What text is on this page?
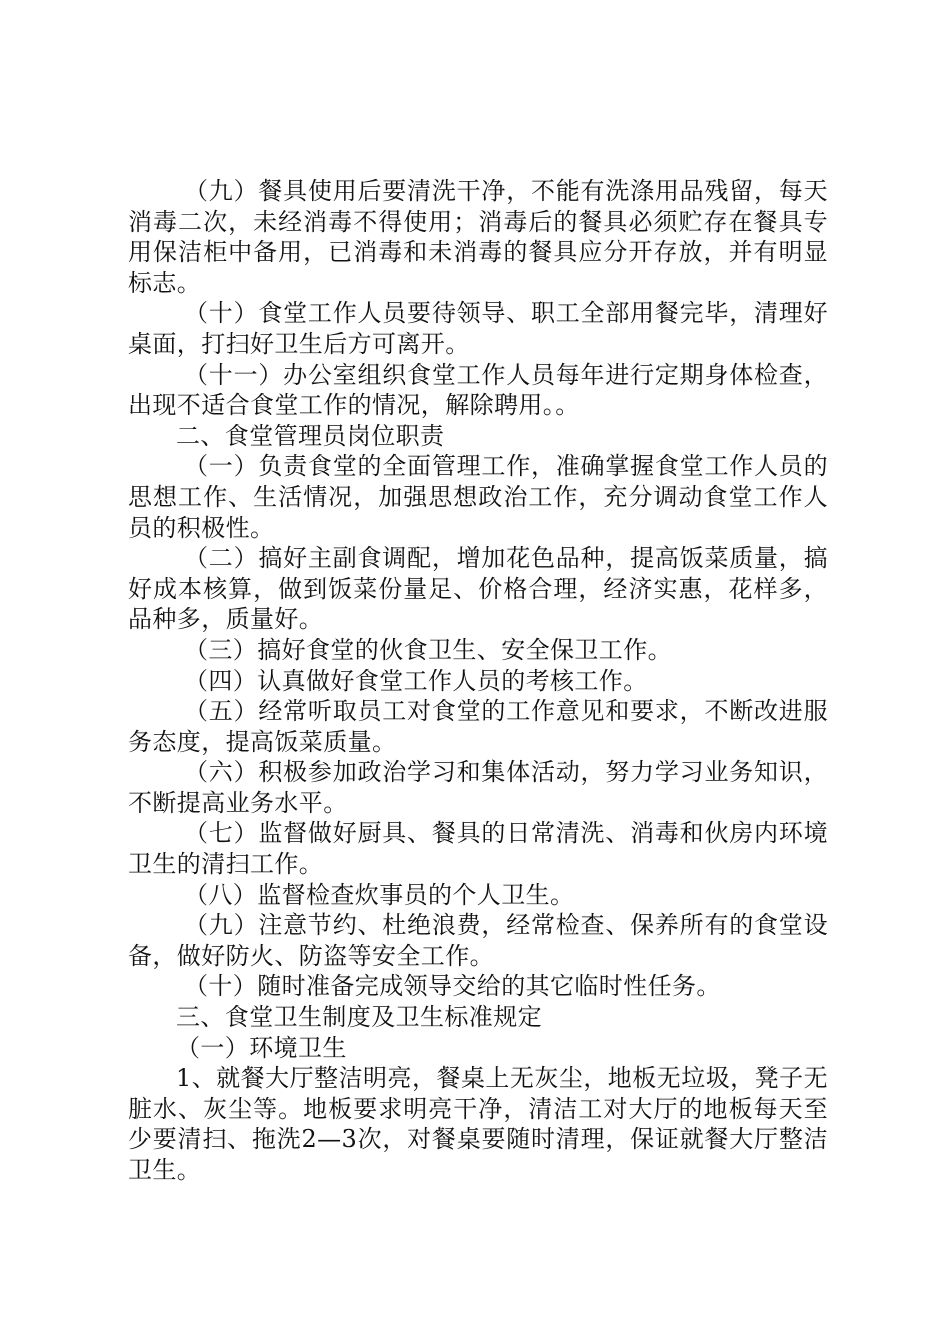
（九）餐具使用后要清洗干净，不能有洗涤用品残留，每天消毒二次，未经消毒不得使用；消毒后的餐具必须贮存在餐具专用保洁柜中备用，已消毒和未消毒的餐具应分开存放，并有明显标志。

（十）食堂工作人员要待领导、职工全部用餐完毕，清理好桌面，打扫好卫生后方可离开。

（十一）办公室组织食堂工作人员每年进行定期身体检查，出现不适合食堂工作的情况，解除聘用。。

二、食堂管理员岗位职责

（一）负责食堂的全面管理工作，准确掌握食堂工作人员的思想工作、生活情况，加强思想政治工作，充分调动食堂工作人员的积极性。

（二）搞好主副食调配，增加花色品种，提高饭菜质量，搞好成本核算，做到饭菜份量足、价格合理，经济实惠，花样多，品种多，质量好。

（三）搞好食堂的伙食卫生、安全保卫工作。

（四）认真做好食堂工作人员的考核工作。

（五）经常听取员工对食堂的工作意见和要求，不断改进服务态度，提高饭菜质量。

（六）积极参加政治学习和集体活动，努力学习业务知识，不断提高业务水平。

（七）监督做好厨具、餐具的日常清洗、消毒和伙房内环境卫生的清扫工作。

（八）监督检查炊事员的个人卫生。

（九）注意节约、杜绝浪费，经常检查、保养所有的食堂设备，做好防火、防盗等安全工作。

（十）随时准备完成领导交给的其它临时性任务。

三、食堂卫生制度及卫生标准规定

（一）环境卫生

1、就餐大厅整洁明亮，餐桌上无灰尘，地板无垃圾，凳子无脏水、灰尘等。地板要求明亮干净，清洁工对大厅的地板每天至少要清扫、拖洗2—3次，对餐桌要随时清理，保证就餐大厅整洁卫生。
